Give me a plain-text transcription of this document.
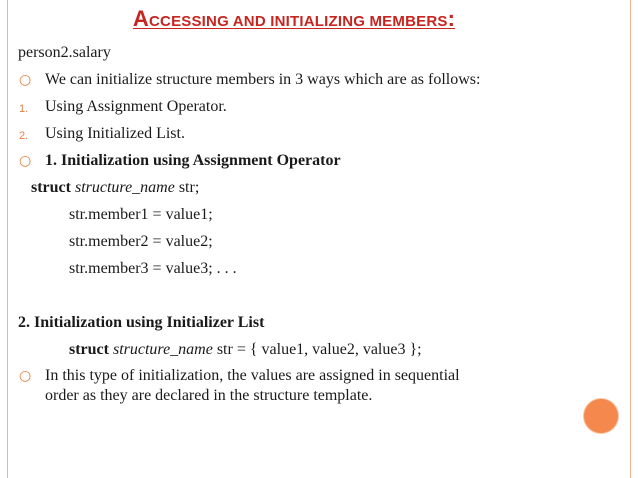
ACCESSING AND INITIALIZING MEMBERS:
person2.salary
○ We can initialize structure members in 3 ways which are as follows:
1. Using Assignment Operator.
2. Using Initialized List.
○ 1. Initialization using Assignment Operator
struct structure_name str;
str.member1 = value1;
str.member2 = value2;
str.member3 = value3; . . .
2. Initialization using Initializer List
struct structure_name str = { value1, value2, value3 };
○ In this type of initialization, the values are assigned in sequential
order as they are declared in the structure template.
